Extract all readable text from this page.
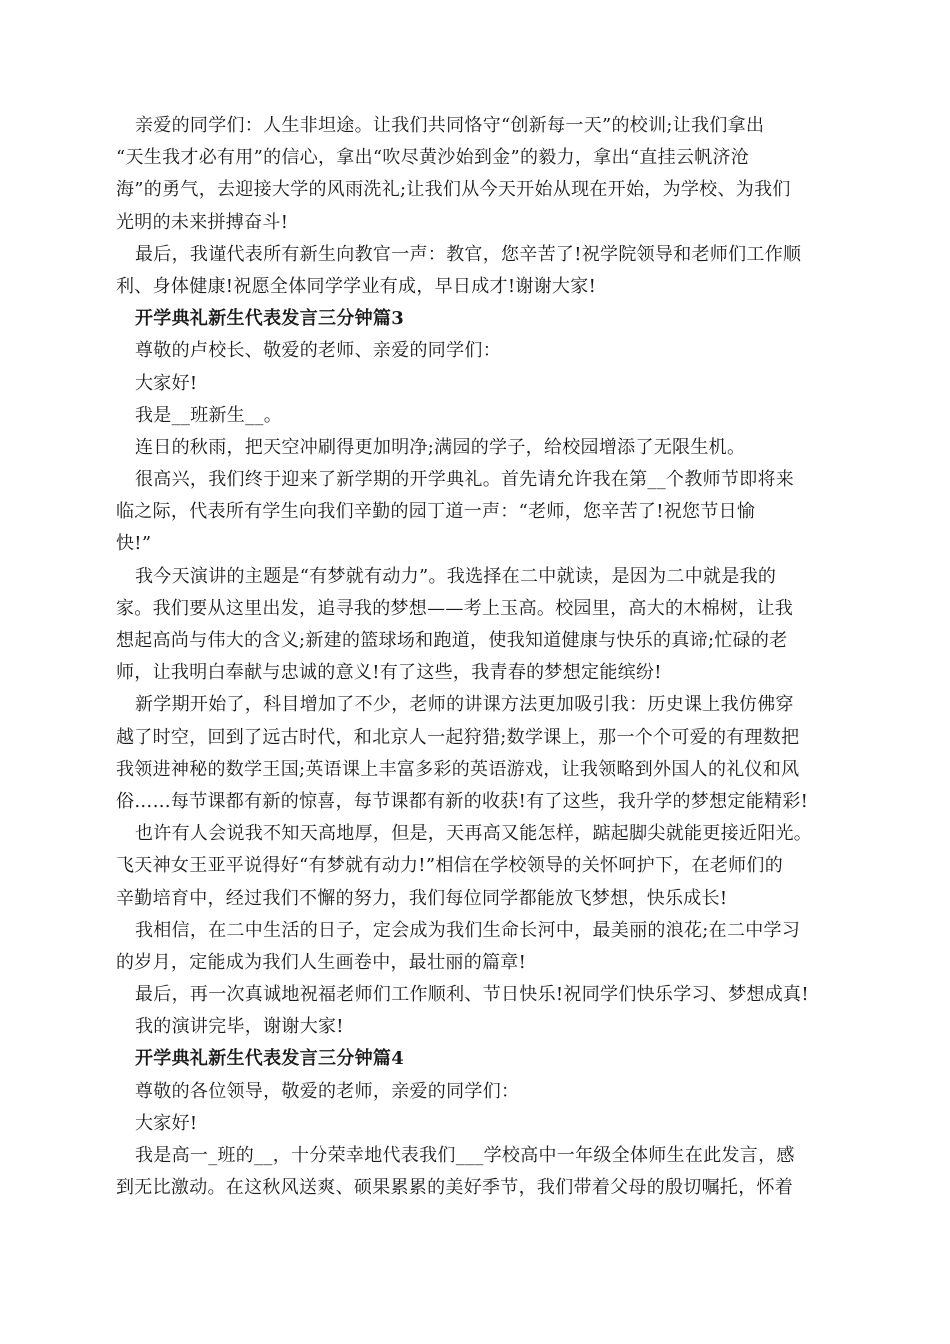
亲爱的同学们：人生非坦途。让我们共同恪守“创新每一天”的校训;让我们拿出
“天生我才必有用”的信心，拿出“吹尽黄沙始到金”的毅力，拿出“直挂云帆济沧
海”的勇气，去迎接大学的风雨洗礼;让我们从今天开始从现在开始，为学校、为我们
光明的未来拼搏奋斗!
最后，我谨代表所有新生向教官一声：教官，您辛苦了!祝学院领导和老师们工作顺
利、身体健康!祝愿全体同学学业有成，早日成才!谢谢大家!
开学典礼新生代表发言三分钟篇3
尊敬的卢校长、敬爱的老师、亲爱的同学们：
大家好!
我是__班新生__。
连日的秋雨，把天空冲刷得更加明净;满园的学子，给校园增添了无限生机。
很高兴，我们终于迎来了新学期的开学典礼。首先请允许我在第__个教师节即将来
临之际，代表所有学生向我们辛勤的园丁道一声：“老师，您辛苦了!祝您节日愉
快!”
我今天演讲的主题是“有梦就有动力”。我选择在二中就读，是因为二中就是我的
家。我们要从这里出发，追寻我的梦想——考上玉高。校园里，高大的木棉树，让我
想起高尚与伟大的含义;新建的篮球场和跑道，使我知道健康与快乐的真谛;忙碌的老
师，让我明白奉献与忠诚的意义!有了这些，我青春的梦想定能缤纷!
新学期开始了，科目增加了不少，老师的讲课方法更加吸引我：历史课上我仿佛穿
越了时空，回到了远古时代，和北京人一起狩猎;数学课上，那一个个可爱的有理数把
我领进神秘的数学王国;英语课上丰富多彩的英语游戏，让我领略到外国人的礼仪和风
俗……每节课都有新的惊喜，每节课都有新的收获!有了这些，我升学的梦想定能精彩!
也许有人会说我不知天高地厚，但是，天再高又能怎样，踮起脚尖就能更接近阳光。
飞天神女王亚平说得好“有梦就有动力!”相信在学校领导的关怀呵护下，在老师们的
辛勤培育中，经过我们不懈的努力，我们每位同学都能放飞梦想，快乐成长!
我相信，在二中生活的日子，定会成为我们生命长河中，最美丽的浪花;在二中学习
的岁月，定能成为我们人生画卷中，最壮丽的篇章!
最后，再一次真诚地祝福老师们工作顺利、节日快乐!祝同学们快乐学习、梦想成真!
我的演讲完毕，谢谢大家!
开学典礼新生代表发言三分钟篇4
尊敬的各位领导，敬爱的老师，亲爱的同学们：
大家好!
我是高一_班的__，十分荣幸地代表我们___学校高中一年级全体师生在此发言，感
到无比激动。在这秋风送爽、硕果累累的美好季节，我们带着父母的殷切嘱托，怀着
